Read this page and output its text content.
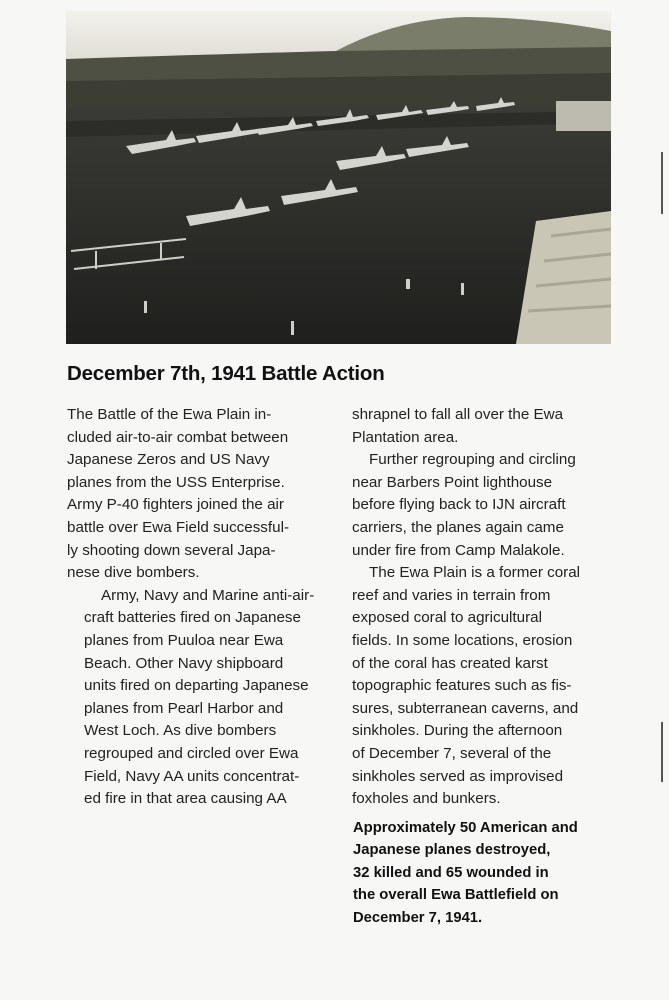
December 7th, 1941 Battle Action

The Battle of the Ewa Plain in-
cluded air-to-air combat between
Japanese Zeros and US Navy
planes from the USS Enterprise.
Army P-40 fighters joined the air
battle over Ewa Field successful-
ly shooting down several Japa-
nese dive bombers.

Army, Navy and Marine anti-air-
craft batteries fired on Japanese
planes from Puuloa near Ewa
Beach. Other Navy shipboard
units fired on departing Japanese
planes from Pearl Harbor and
West Loch. As dive bombers
regrouped and circled over Ewa
Field, Navy AA units concentrat-
ed fire in that area causing AA

shrapnel to fall all over the Ewa
Plantation area.

Further regrouping and circling
near Barbers Point lighthouse
before flying back to IJN aircraft
carriers, the planes again came
under fire from Camp Malakole.

The Ewa Plain is a former coral
reef and varies in terrain from
exposed coral to agricultural
fields. In some locations, erosion
of the coral has created karst
topographic features such as fis-
sures, subterranean caverns, and
sinkholes. During the afternoon
of December 7, several of the
sinkholes served as improvised
foxholes and bunkers.

Approximately 50 American and
Japanese planes destroyed,
32 killed and 65 wounded in
the overall Ewa Battlefield on
December 7, 1941.
